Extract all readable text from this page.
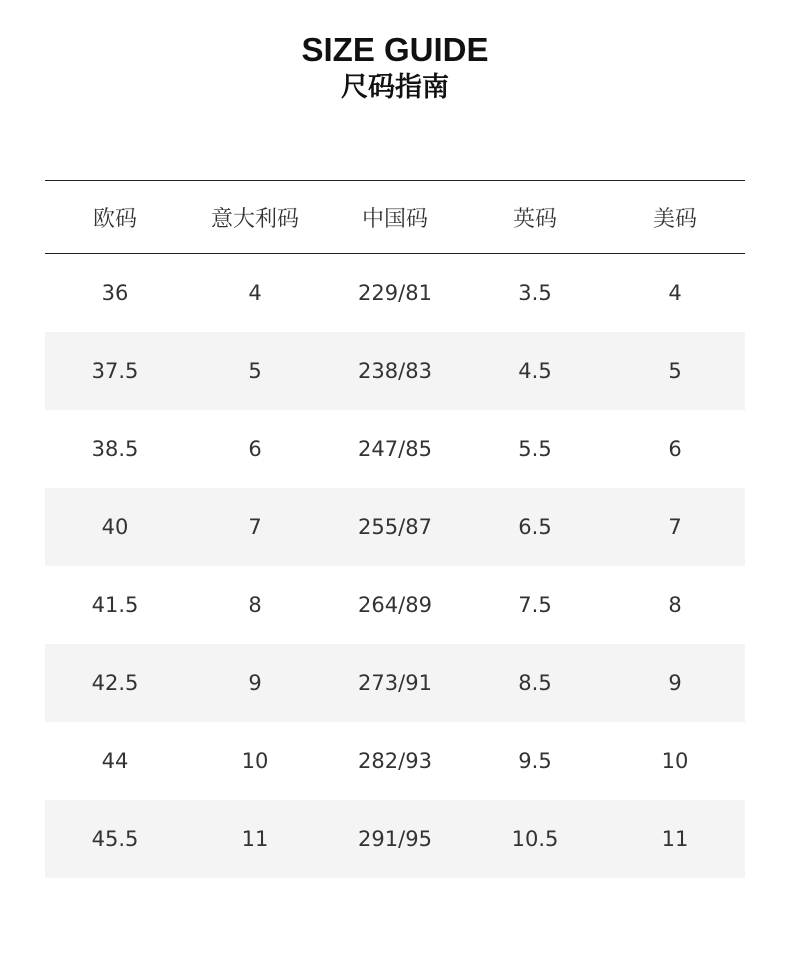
SIZE GUIDE
尺码指南
欧码	意大利码	中国码	英码	美码
36	4	229/81	3.5	4
37.5	5	238/83	4.5	5
38.5	6	247/85	5.5	6
40	7	255/87	6.5	7
41.5	8	264/89	7.5	8
42.5	9	273/91	8.5	9
44	10	282/93	9.5	10
45.5	11	291/95	10.5	11
